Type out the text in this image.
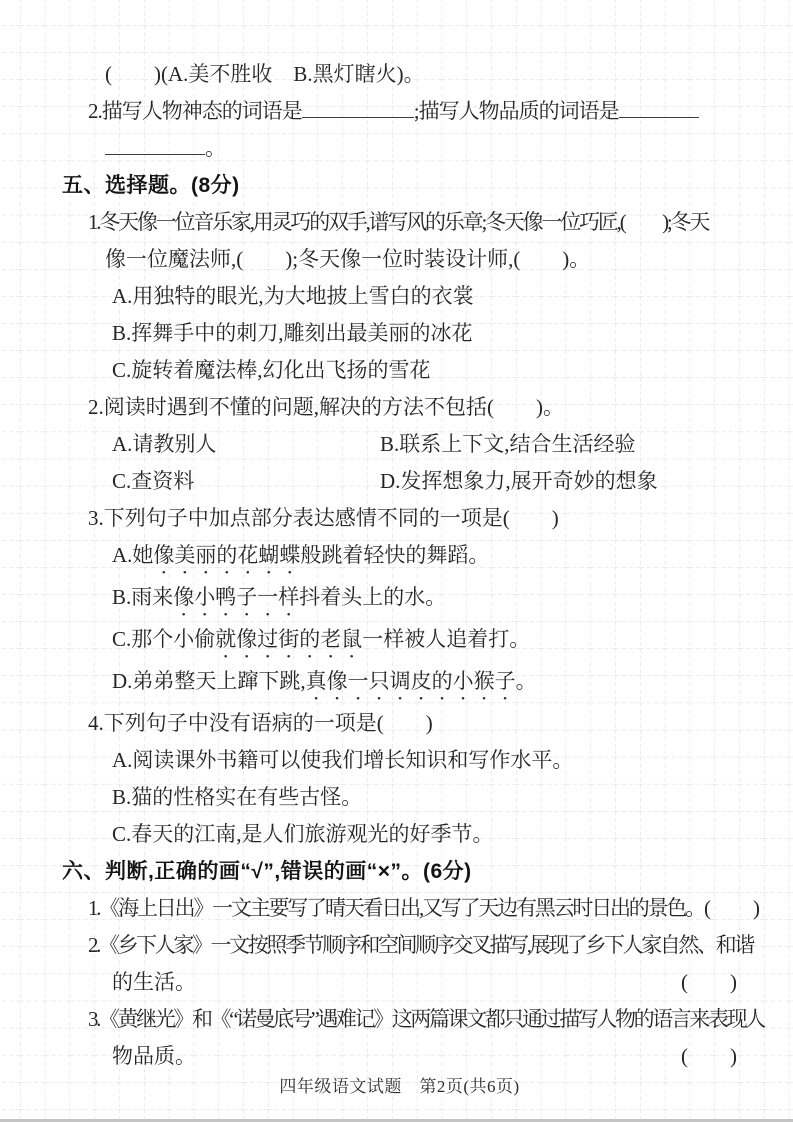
(　　)(A.美不胜收　B.黑灯瞎火)。
2.描写人物神态的词语是	;描写人物品质的词语是
。
五、选择题。(8分)
1.冬天像一位音乐家,用灵巧的双手,谱写风的乐章;冬天像一位巧匠,(　　);冬天
像一位魔法师,(　　);冬天像一位时装设计师,(　　)。
A.用独特的眼光,为大地披上雪白的衣裳
B.挥舞手中的刺刀,雕刻出最美丽的冰花
C.旋转着魔法棒,幻化出飞扬的雪花
2.阅读时遇到不懂的问题,解决的方法不包括(　　)。
A.请教别人	B.联系上下文,结合生活经验
C.查资料	D.发挥想象力,展开奇妙的想象
3.下列句子中加点部分表达感情不同的一项是(　　)
A.她像美丽的花蝴蝶般跳着轻快的舞蹈。
B.雨来像小鸭子一样抖着头上的水。
C.那个小偷就像过街的老鼠一样被人追着打。
D.弟弟整天上蹿下跳,真像一只调皮的小猴子。
4.下列句子中没有语病的一项是(　　)
A.阅读课外书籍可以使我们增长知识和写作水平。
B.猫的性格实在有些古怪。
C.春天的江南,是人们旅游观光的好季节。
六、判断,正确的画“√”,错误的画“×”。(6分)
1.《海上日出》一文主要写了晴天看日出,又写了天边有黑云时日出的景色。 (　　)
2.《乡下人家》一文按照季节顺序和空间顺序交叉描写,展现了乡下人家自然、和谐
的生活。	(　　)
3.《黄继光》和《“诺曼底号”遇难记》这两篇课文都只通过描写人物的语言来表现人
物品质。	(　　)
四年级语文试题　第2页(共6页)
